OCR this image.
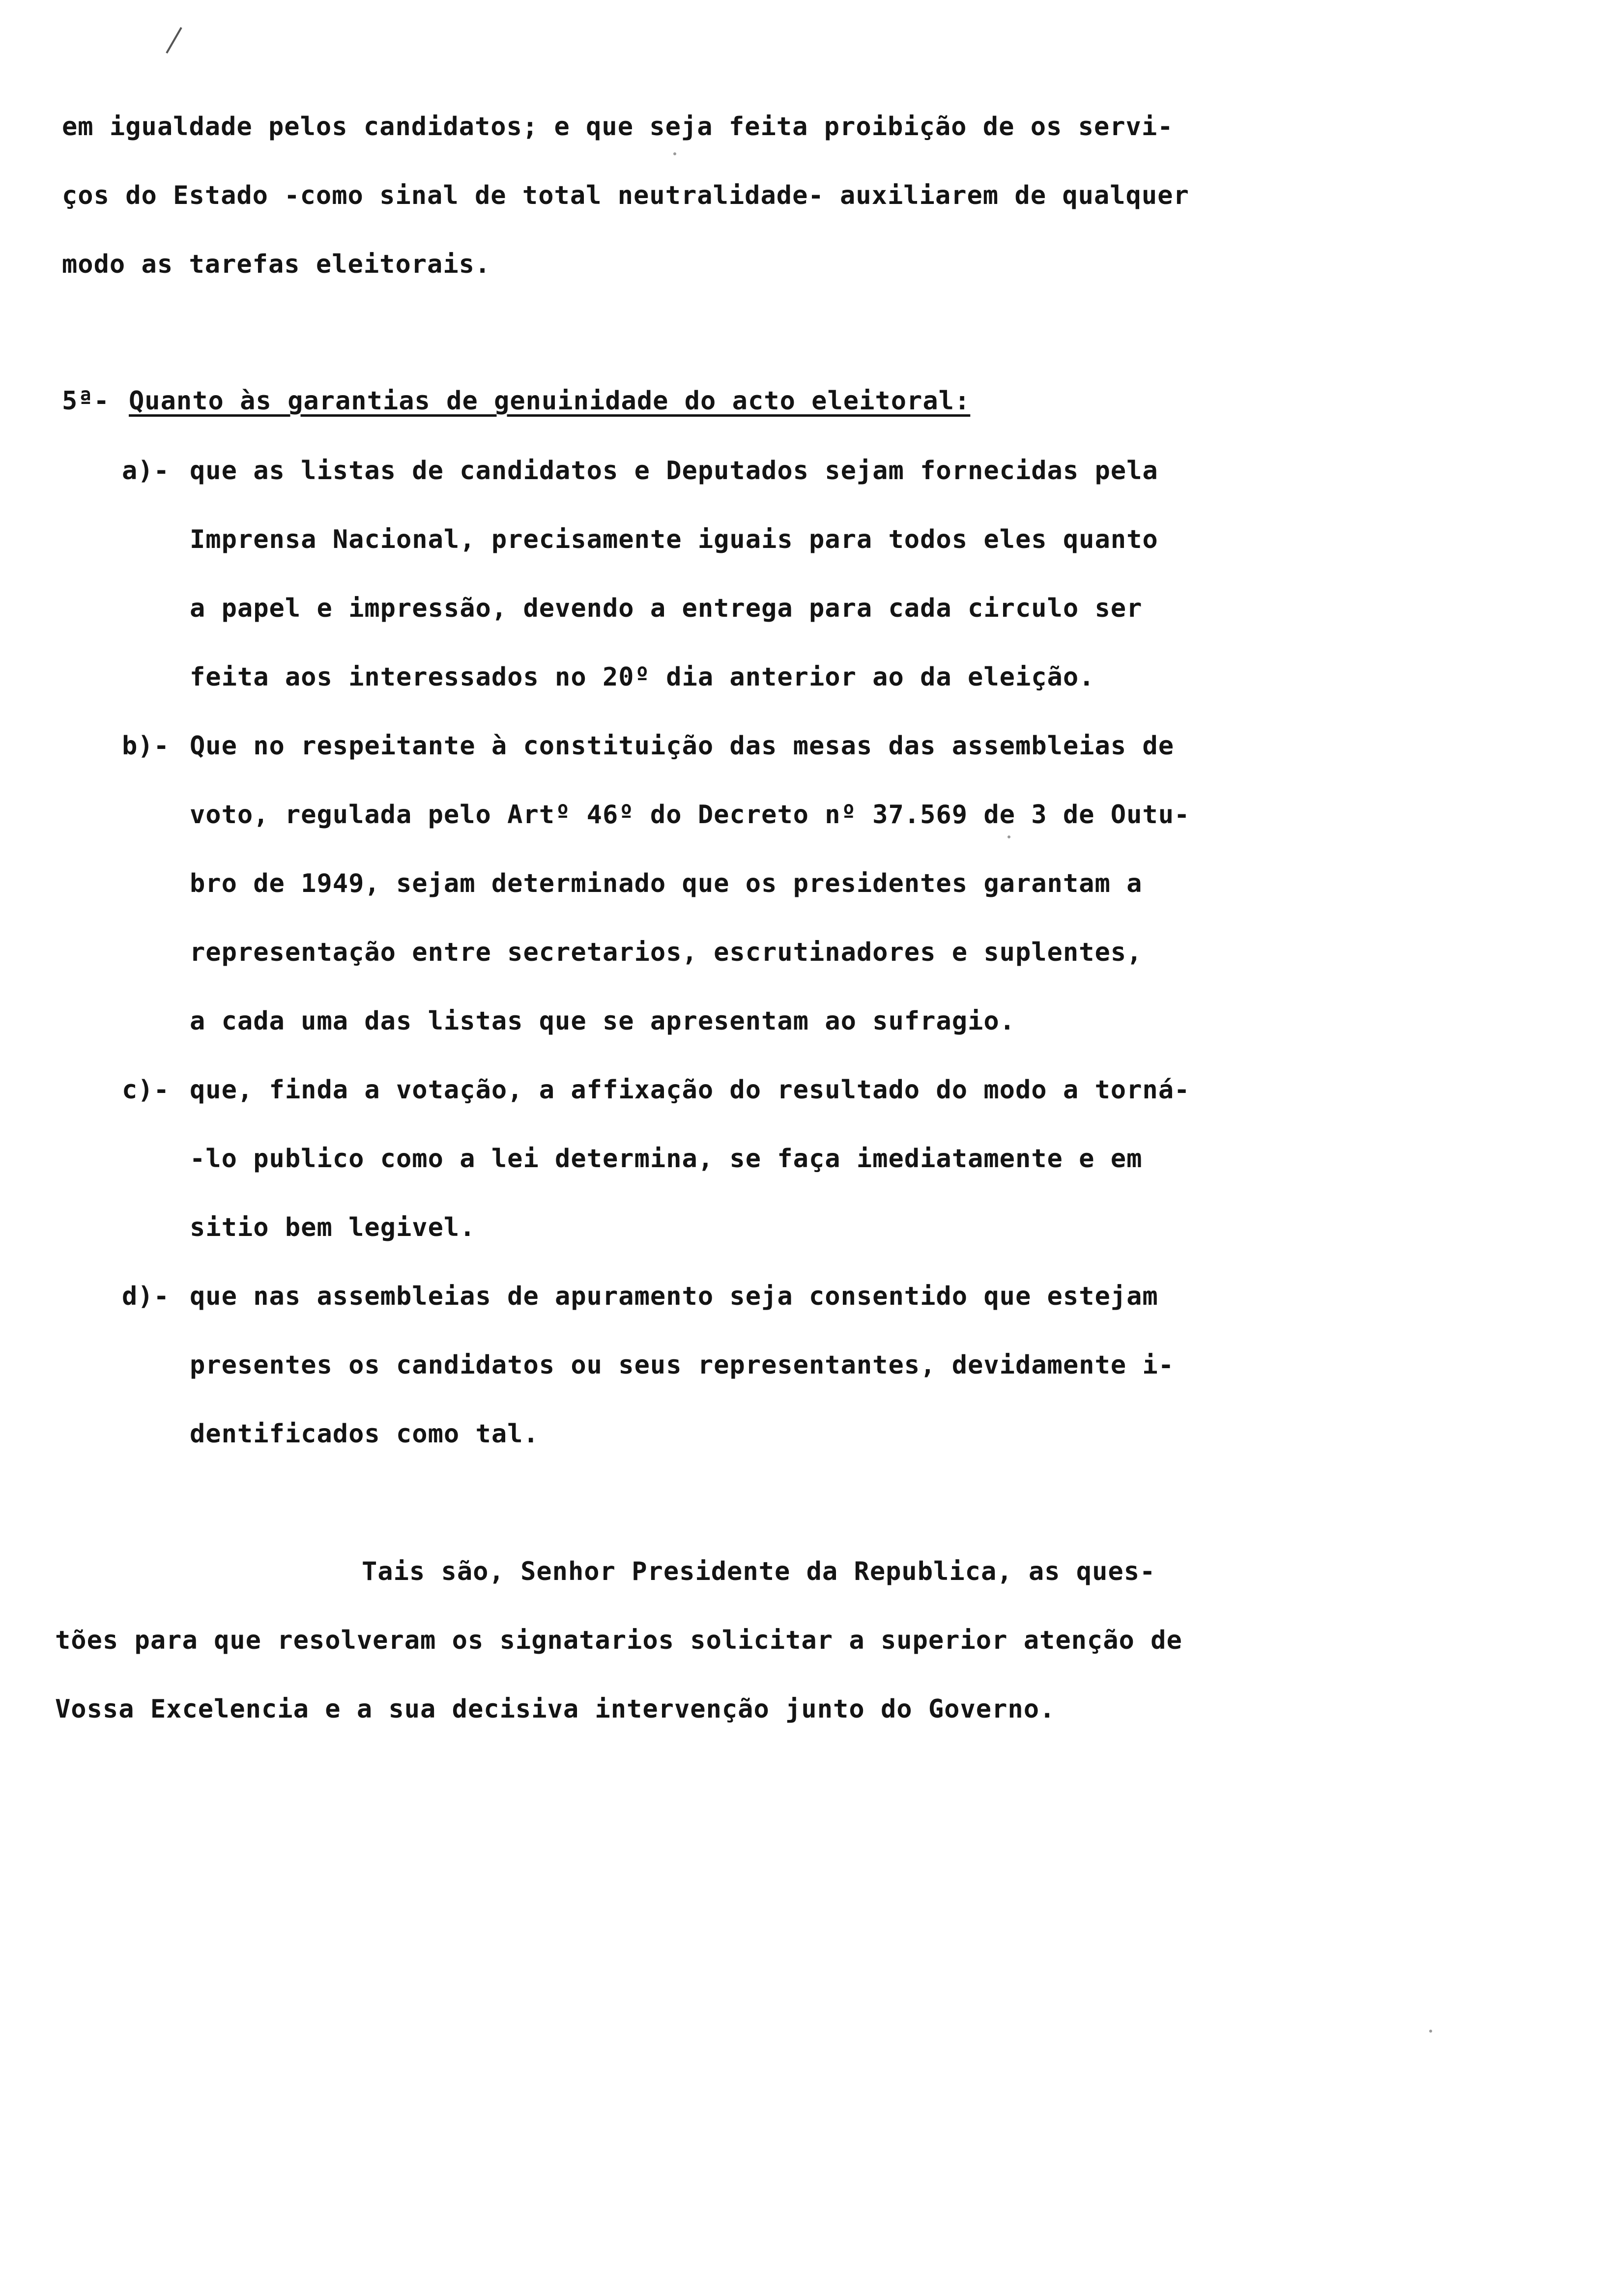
em igualdade pelos candidatos; e que seja feita proibição de os servi-
ços do Estado -como sinal de total neutralidade- auxiliarem de qualquer
modo as tarefas eleitorais.
5ª- Quanto às garantias de genuinidade do acto eleitoral:
a)- que as listas de candidatos e Deputados sejam fornecidas pela
Imprensa Nacional, precisamente iguais para todos eles quanto
a papel e impressão, devendo a entrega para cada circulo ser
feita aos interessados no 20º dia anterior ao da eleição.
b)- Que no respeitante à constituição das mesas das assembleias de
voto, regulada pelo Artº 46º do Decreto nº 37.569 de 3 de Outu-
bro de 1949, sejam determinado que os presidentes garantam a
representação entre secretarios, escrutinadores e suplentes,
a cada uma das listas que se apresentam ao sufragio.
c)- que, finda a votação, a affixação do resultado do modo a torná-
-lo publico como a lei determina, se faça imediatamente e em
sitio bem legivel.
d)- que nas assembleias de apuramento seja consentido que estejam
presentes os candidatos ou seus representantes, devidamente i-
dentificados como tal.
Tais são, Senhor Presidente da Republica, as ques-
tões para que resolveram os signatarios solicitar a superior atenção de
Vossa Excelencia e a sua decisiva intervenção junto do Governo.
